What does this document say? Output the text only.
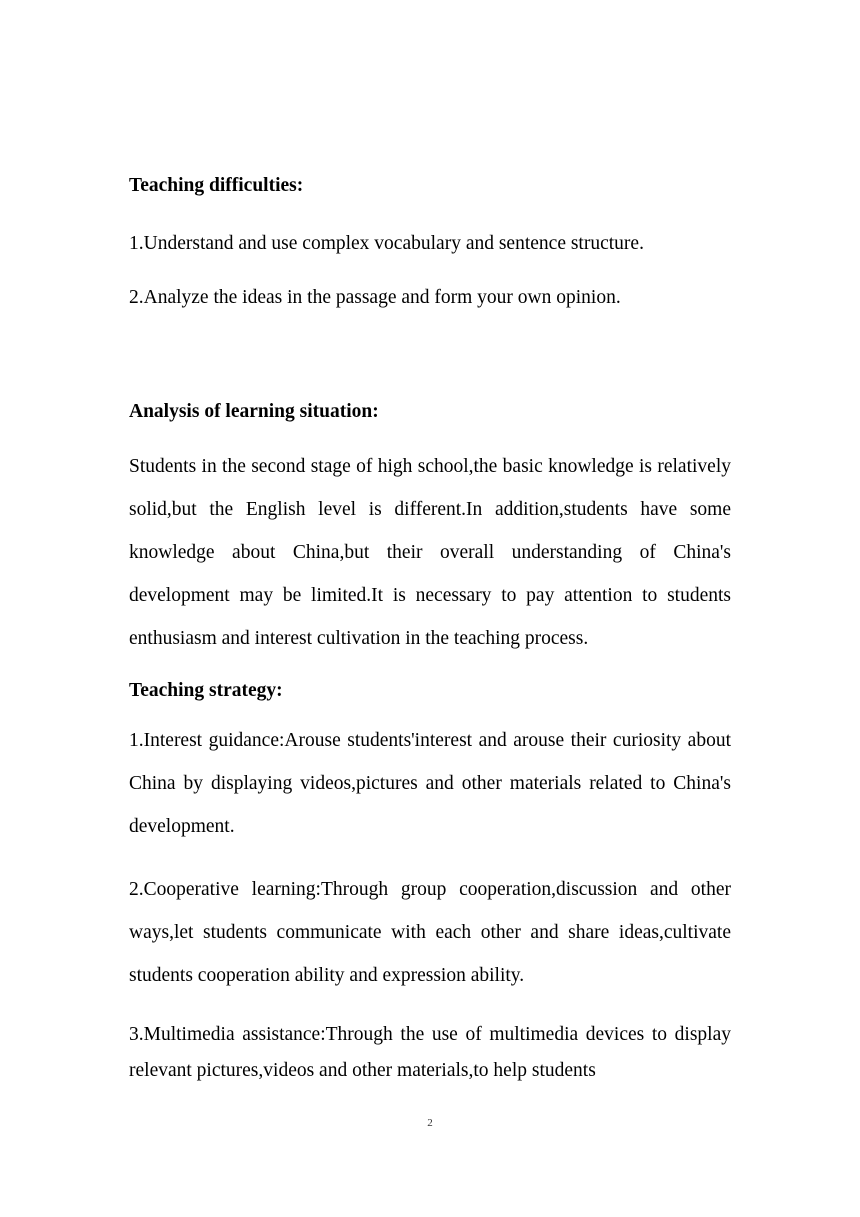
Teaching difficulties:

1.Understand and use complex vocabulary and sentence structure.

2.Analyze the ideas in the passage and form your own opinion.

Analysis of learning situation:

Students in the second stage of high school,the basic knowledge is relatively solid,but the English level is different.In addition,students have some knowledge about China,but their overall understanding of China's development may be limited.It is necessary to pay attention to students enthusiasm and interest cultivation in the teaching process.

Teaching strategy:

1.Interest guidance:Arouse students'interest and arouse their curiosity about China by displaying videos,pictures and other materials related to China's development.

2.Cooperative learning:Through group cooperation,discussion and other ways,let students communicate with each other and share ideas,cultivate students cooperation ability and expression ability.

3.Multimedia assistance:Through the use of multimedia devices to display relevant pictures,videos and other materials,to help students

2
